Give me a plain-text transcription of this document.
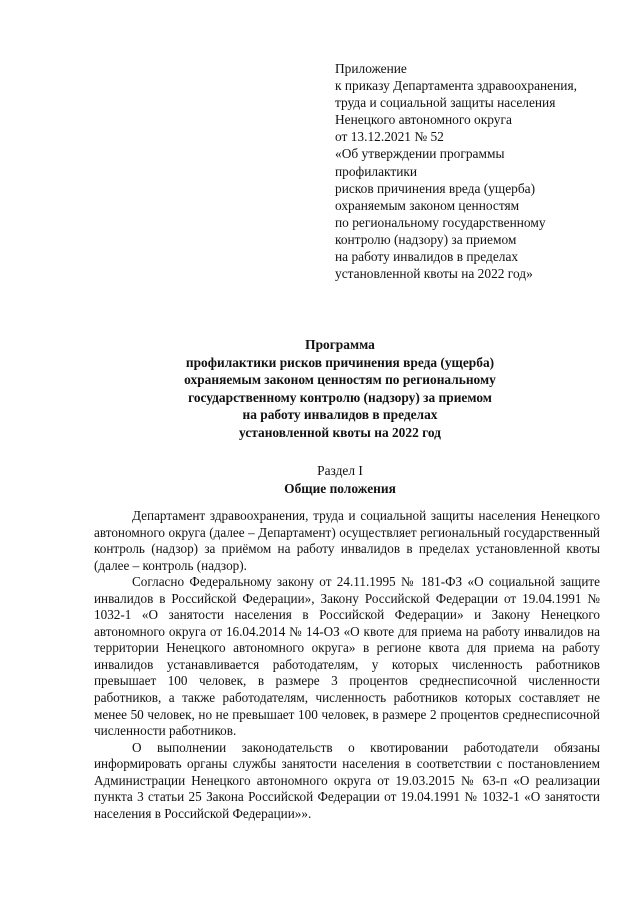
Приложение
к приказу Департамента здравоохранения,
труда и социальной защиты населения
Ненецкого автономного округа
от 13.12.2021 № 52
«Об утверждении программы
профилактики
рисков причинения вреда (ущерба)
охраняемым законом ценностям
по региональному государственному
контролю (надзору) за приемом
на работу инвалидов в пределах
установленной квоты на 2022 год»
Программа
профилактики рисков причинения вреда (ущерба)
охраняемым законом ценностям по региональному
государственному контролю (надзору) за приемом
на работу инвалидов в пределах
установленной квоты на 2022 год
Раздел I
Общие положения

Департамент здравоохранения, труда и социальной защиты населения Ненецкого автономного округа (далее – Департамент) осуществляет региональный государственный контроль (надзор) за приёмом на работу инвалидов в пределах установленной квоты (далее – контроль (надзор).

Согласно Федеральному закону от 24.11.1995 № 181-ФЗ «О социальной защите инвалидов в Российской Федерации», Закону Российской Федерации от 19.04.1991 № 1032-1 «О занятости населения в Российской Федерации» и Закону Ненецкого автономного округа от 16.04.2014 № 14-ОЗ «О квоте для приема на работу инвалидов на территории Ненецкого автономного округа» в регионе квота для приема на работу инвалидов устанавливается работодателям, у которых численность работников превышает 100 человек, в размере 3 процентов среднесписочной численности работников, а также работодателям, численность работников которых составляет не менее 50 человек, но не превышает 100 человек, в размере 2 процентов среднесписочной численности работников.

О выполнении законодательств о квотировании работодатели обязаны информировать органы службы занятости населения в соответствии с постановлением Администрации Ненецкого автономного округа от 19.03.2015 № 63-п «О реализации пункта 3 статьи 25 Закона Российской Федерации от 19.04.1991 № 1032-1 «О занятости населения в Российской Федерации»».
